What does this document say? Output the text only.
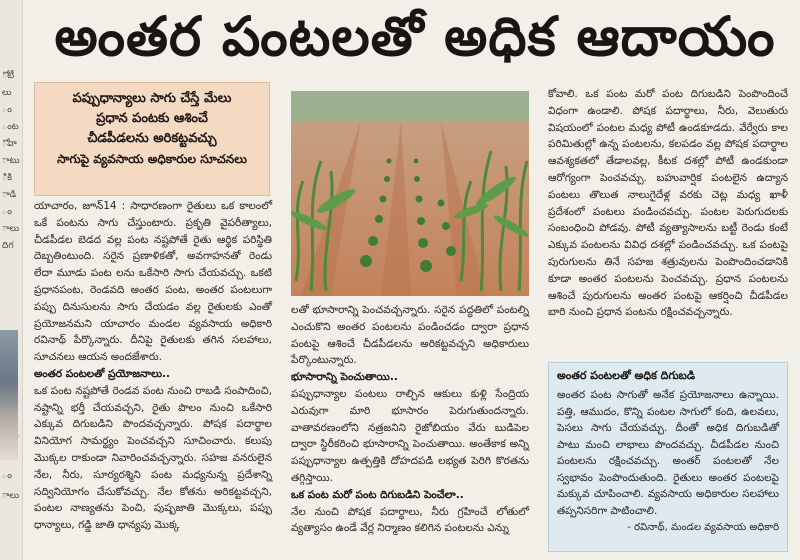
ోటీ
లు
ం
ంట
ోవా
ాటు
ికి
ాడి
ం
ాలు
దిగ
ం
ాలు
అంతర పంటలతో అధిక ఆదాయం
పప్పుధాన్యాలు సాగు చేస్తే మేలు
ప్రధాన పంటకు ఆశించే
చీడపీడలను అరికట్టవచ్చు
సాగుపై వ్యవసాయ అధికారుల సూచనలు

యాచారం, జూన్14 : సాధారణంగా రైతులు ఒక కాలంలో ఒకే పంటను సాగు చేస్తుంటారు. ప్రకృతి వైపరీత్యాలు, చీడపీడల బెడద వల్ల పంట నష్టపోతే రైతు ఆర్థిక పరిస్థితి దెబ్బతింటుంది. సరైన ప్రణాళికతో, అవగాహనతో రెండు లేదా మూడు పంట లను ఒకేసారి సాగు చేయవచ్చు. ఒకటి ప్రధానపంట, రెండవది అంతర పంట, అంతర పంటలుగా పప్పు దినుసులను సాగు చేయడం వల్ల రైతులకు ఎంతో ప్రయోజనమని యాచారం మండల వ్యవసాయ అధికారి రవినాథ్ పేర్కొన్నారు. దీనిపై రైతులకు తగిన సలహాలు, సూచనలు ఆయన అందజేశారు.

అంతర పంటలతో ప్రయోజనాలు..

ఒక పంట నష్టపోతే రెండవ పంట నుంచి రాబడి సంపాదించి, నష్టాన్ని భర్తీ చేయవచ్చని, రైతు పొలం నుంచి ఒకేసారి ఎక్కువ దిగుబడిని పొందవచ్చన్నారు. పోషక పదార్థాల వినియోగ సామర్థ్యం పెంచవచ్చని సూచించారు. కలుపు మొక్కల రాకుండా నివారించవచ్చన్నారు. సహజ వనరులైన నేల, నీరు, సూర్యరశ్మిని పంట మధ్యనున్న ప్రదేశాన్ని సద్వినియోగం చేసుకోవచ్చు. నేల కోతను అరికట్టవచ్చని, పంటల నాణ్యతను పెంచి, పుష్పజాతి మొక్కలు, పప్పు ధాన్యాలు, గడ్డి జాతి ధాన్యపు మొక్క

లతో భూసారాన్ని పెంచవచ్చన్నారు. సరైన పద్ధతిలో పంటల్ని ఎంచుకొని అంతర పంటలను పండించడం ద్వారా ప్రధాన పంటపై ఆశించే చీడపీడలను అరికట్టవచ్చని అధికారులు పేర్కొంటున్నారు.

భూసారాన్ని పెంచుతాయి..

పప్పుధాన్యాల పంటలు రాల్చిన ఆకులు కుళ్లి సేంద్రియ ఎరువుగా మారి భూసారం పెరుగుతుందన్నారు. వాతావరణంలోని నత్రజనిని రైజోబియం వేరు బుడిపెల ద్వారా స్థిరీకరించి భూసారాన్ని పెంచుతాయి. అంతేకాక అన్ని పప్పుధాన్యాల ఉత్పత్తికి దోహదపడి లభ్యత పెరిగి కొరతను తగ్గిస్తాయి.

ఒక పంట మరో పంట దిగుబడిని పెంచేలా..

నేల నుంచి పోషక పదార్థాలు, నీరు గ్రహించే లోతులో వ్యత్యాసం ఉండే వేర్ల నిర్మాణం కలిగిన పంటలను ఎన్ను

కోవాలి. ఒక పంట మరో పంట దిగుబడిని పెంపొందించే విధంగా ఉండాలి. పోషక పదార్థాలు, నీరు, వెలుతురు విషయంలో పంటల మధ్య పోటీ ఉండకూడదు. వేర్వేరు కాల పరిమితుల్లో ఉన్న పంటలను, కలపడం వల్ల పోషక పదార్థాల ఆవశ్యకతలో తేడాలవల్ల, కీటక దశల్లో పోటీ ఉండకుండా ఆరోగ్యంగా పెంచవచ్చు. బహువార్షిక పంటలైన ఉద్యాన పంటలు తొలుత నాలుగైదేళ్ల వరకు చెట్ల మధ్య ఖాళీ ప్రదేశంలో పంటలు పండించవచ్చు. పంటల పెరుగుదలకు సంబంధించి పోడవు. పోటీ వ్యత్యాసాలను బట్టీ రెండు కంటే ఎక్కువ పంటలను వివిధ దశల్లో పండించవచ్చు. ఒక పంటపై పురుగులను తినే సహజ శత్రువులను పెంపొందించడానికి కూడా అంతర పంటలను పెంచవచ్చు. ప్రధాన పంటలను ఆశించే పురుగులను అంతర పంటపై ఆకర్షించి చీడపీడల బారి నుంచి ప్రధాన పంటను రక్షించవచ్చన్నారు.

అంతర పంటలతో అధిక దిగుబడి
అంతర పంట సాగుతో అనేక ప్రయోజనాలు ఉన్నాయి. పత్తి, ఆముదం, కొన్ని పంటల సాగులో కంది, ఉలవలు, పెసలు సాగు చేయవచ్చు. దీంతో అధిక దిగుబడితో పాటు మంచి లాభాలు పొందవచ్చు. చీడపీడల నుంచి పంటలను రక్షించవచ్చు. అంతర్ పంటలతో నేల స్వభావం పెంపొందుతుంది. రైతులు అంతర పంటలపై మక్కువ చూపించాలి. వ్యవసాయ అధికారుల సలహాలు తప్పనిసరిగా పాటించాలి.
- రవినాథ్, మండల వ్యవసాయ అధికారి
